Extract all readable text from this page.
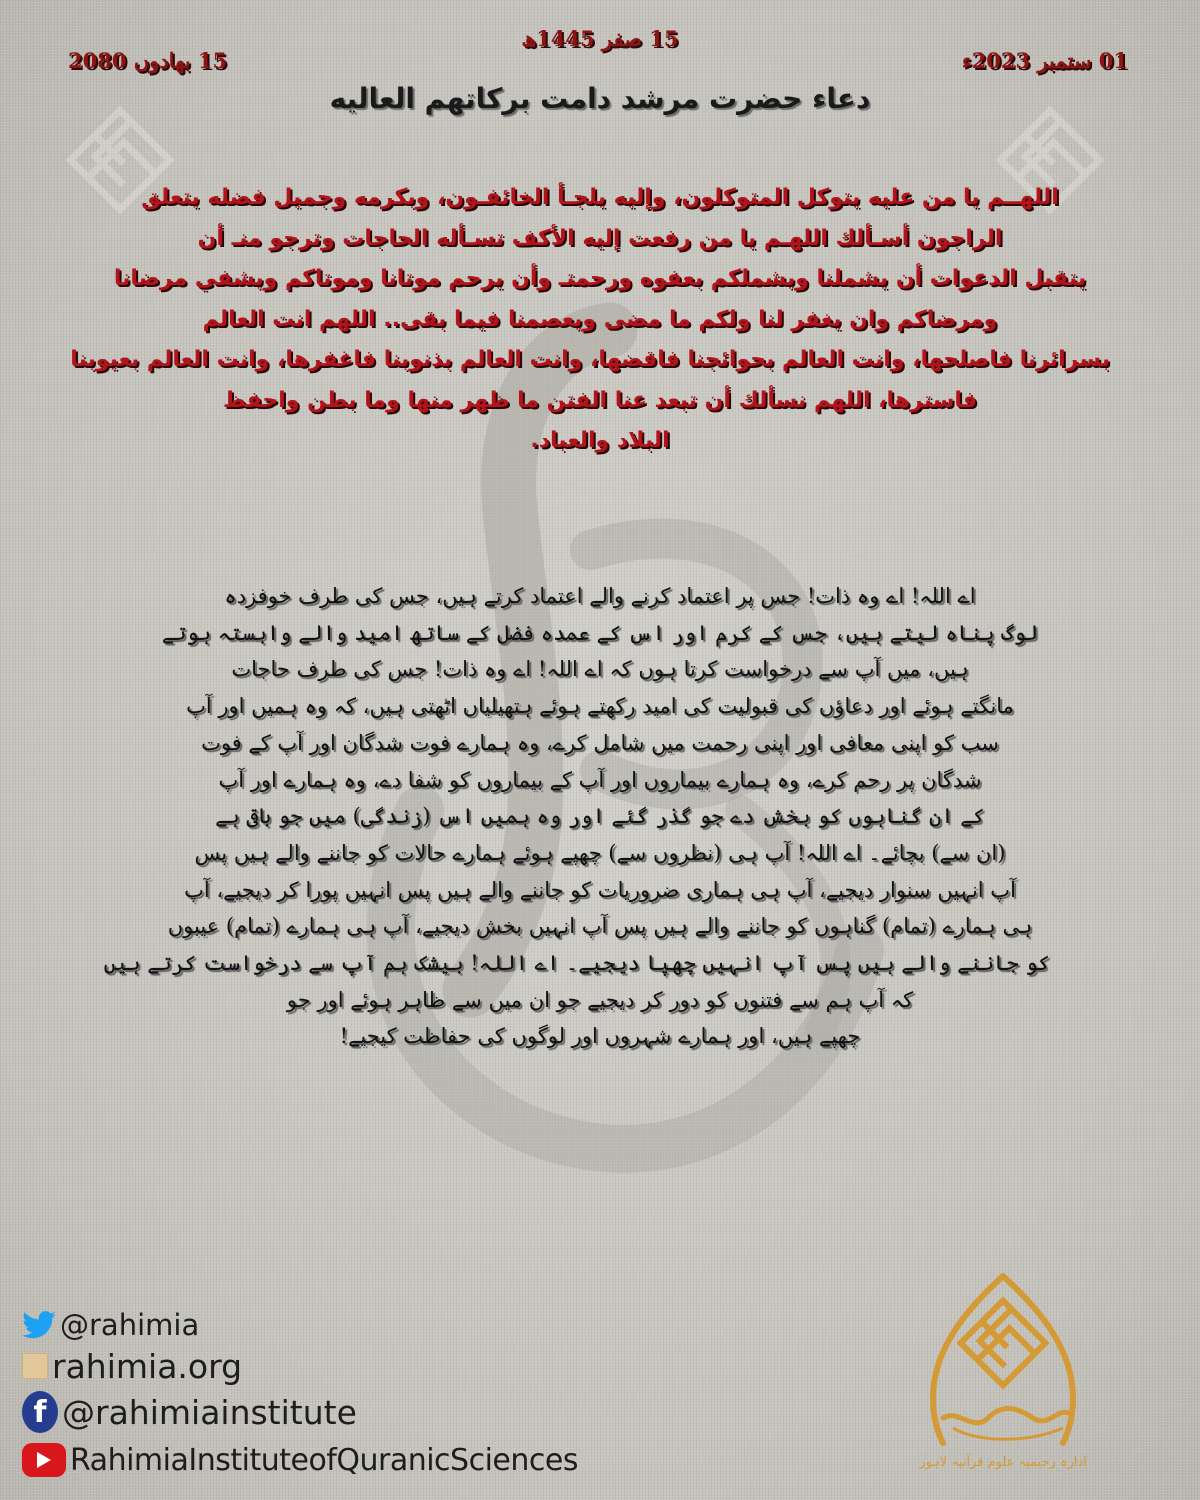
15 صفر 1445ھ
01 ستمبر 2023ء
15 بھادوں 2080
دعاء حضرت مرشد دامت برکاتهم العالیه
اللهــم يا من عليه يتوكل المتوكلون، وإليه يلجـأ الخائفـون، وبكرمه وجميل فضله يتعلق
الراجون أسـألك اللهـم يا من رفعت إليه الأكف تسـأله الحاجات وترجو منـ أن
يتقبل الدعوات أن يشملنا ويشملكم بعفوه ورحمتـ وأن يرحم موتانا وموتاكم ويشفي مرضانا
ومرضاكم وان يغفر لنا ولكم ما مضى ويعصمنا فيما بقى.. اللهم انت العالم
بسرائرنا فاصلحها، وانت العالم بحوائجنا فاقضها، وانت العالم بذنوبنا فاغفرها، وانت العالم بعيوبنا
فاسترها، اللهم نسألك أن تبعد عنا الفتن ما ظهر منها وما بطن واحفظ
البلاد والعباد.
اے اللہ! اے وہ ذات! جس پر اعتماد کرنے والے اعتماد کرتے ہیں، جس کی طرف خوفزدہ
لوگ پناہ لیتے ہیں، جس کے کرم اور اس کے عمدہ فضل کے ساتھ امید والے وابستہ ہوتے
ہیں، میں آپ سے درخواست کرتا ہوں کہ اے اللہ! اے وہ ذات! جس کی طرف حاجات
مانگتے ہوئے اور دعاؤں کی قبولیت کی امید رکھتے ہوئے ہتھیلیاں اٹھتی ہیں، کہ وہ ہمیں اور آپ
سب کو اپنی معافی اور اپنی رحمت میں شامل کرے، وہ ہمارے فوت شدگان اور آپ کے فوت
شدگان پر رحم کرے، وہ ہمارے بیماروں اور آپ کے بیماروں کو شفا دے، وہ ہمارے اور آپ
کے ان گناہوں کو بخش دے جو گذر گئے اور وہ ہمیں اس (زندگی) میں جو باقی ہے
(ان سے) بچائے۔ اے اللہ! آپ ہی (نظروں سے) چھپے ہوئے ہمارے حالات کو جاننے والے ہیں پس
آپ انہیں سنوار دیجیے، آپ ہی ہماری ضروریات کو جاننے والے ہیں پس انہیں پورا کر دیجیے، آپ
ہی ہمارے (تمام) گناہوں کو جاننے والے ہیں پس آپ انہیں بخش دیجیے، آپ ہی ہمارے (تمام) عیبوں
کو جاننے والے ہیں پس آپ انہیں چھپا دیجیے۔ اے اللہ! بیشک ہم آپ سے درخواست کرتے ہیں
کہ آپ ہم سے فتنوں کو دور کر دیجیے جو ان میں سے ظاہر ہوئے اور جو
چھپے ہیں، اور ہمارے شہروں اور لوگوں کی حفاظت کیجیے!
@rahimia
rahimia.org
f @rahimiainstitute
RahimiaInstituteofQuranicSciences	ادارہ رحیمیہ علوم قرآنیہ لاہور
